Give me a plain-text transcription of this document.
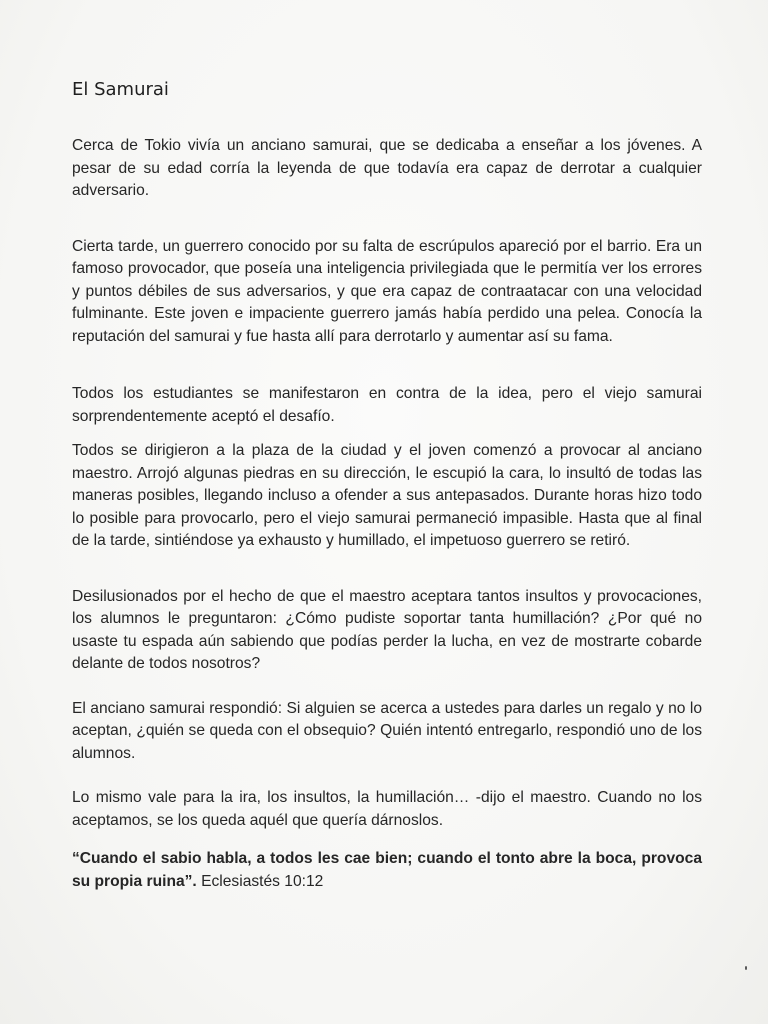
El Samurai

Cerca de Tokio vivía un anciano samurai, que se dedicaba a enseñar a los jóvenes. A pesar de su edad corría la leyenda de que todavía era capaz de derrotar a cualquier adversario.

Cierta tarde, un guerrero conocido por su falta de escrúpulos apareció por el barrio. Era un famoso provocador, que poseía una inteligencia privilegiada que le permitía ver los errores y puntos débiles de sus adversarios, y que era capaz de contraatacar con una velocidad fulminante. Este joven e impaciente guerrero jamás había perdido una pelea. Conocía la reputación del samurai y fue hasta allí para derrotarlo y aumentar así su fama.

Todos los estudiantes se manifestaron en contra de la idea, pero el viejo samurai sorprendentemente aceptó el desafío.

Todos se dirigieron a la plaza de la ciudad y el joven comenzó a provocar al anciano maestro. Arrojó algunas piedras en su dirección, le escupió la cara, lo insultó de todas las maneras posibles, llegando incluso a ofender a sus antepasados. Durante horas hizo todo lo posible para provocarlo, pero el viejo samurai permaneció impasible. Hasta que al final de la tarde, sintiéndose ya exhausto y humillado, el impetuoso guerrero se retiró.

Desilusionados por el hecho de que el maestro aceptara tantos insultos y provocaciones, los alumnos le preguntaron: ¿Cómo pudiste soportar tanta humillación? ¿Por qué no usaste tu espada aún sabiendo que podías perder la lucha, en vez de mostrarte cobarde delante de todos nosotros?

El anciano samurai respondió: Si alguien se acerca a ustedes para darles un regalo y no lo aceptan, ¿quién se queda con el obsequio? Quién intentó entregarlo, respondió uno de los alumnos.

Lo mismo vale para la ira, los insultos, la humillación… -dijo el maestro. Cuando no los aceptamos, se los queda aquél que quería dárnoslos.

“Cuando el sabio habla, a todos les cae bien; cuando el tonto abre la boca, provoca su propia ruina”. Eclesiastés 10:12
